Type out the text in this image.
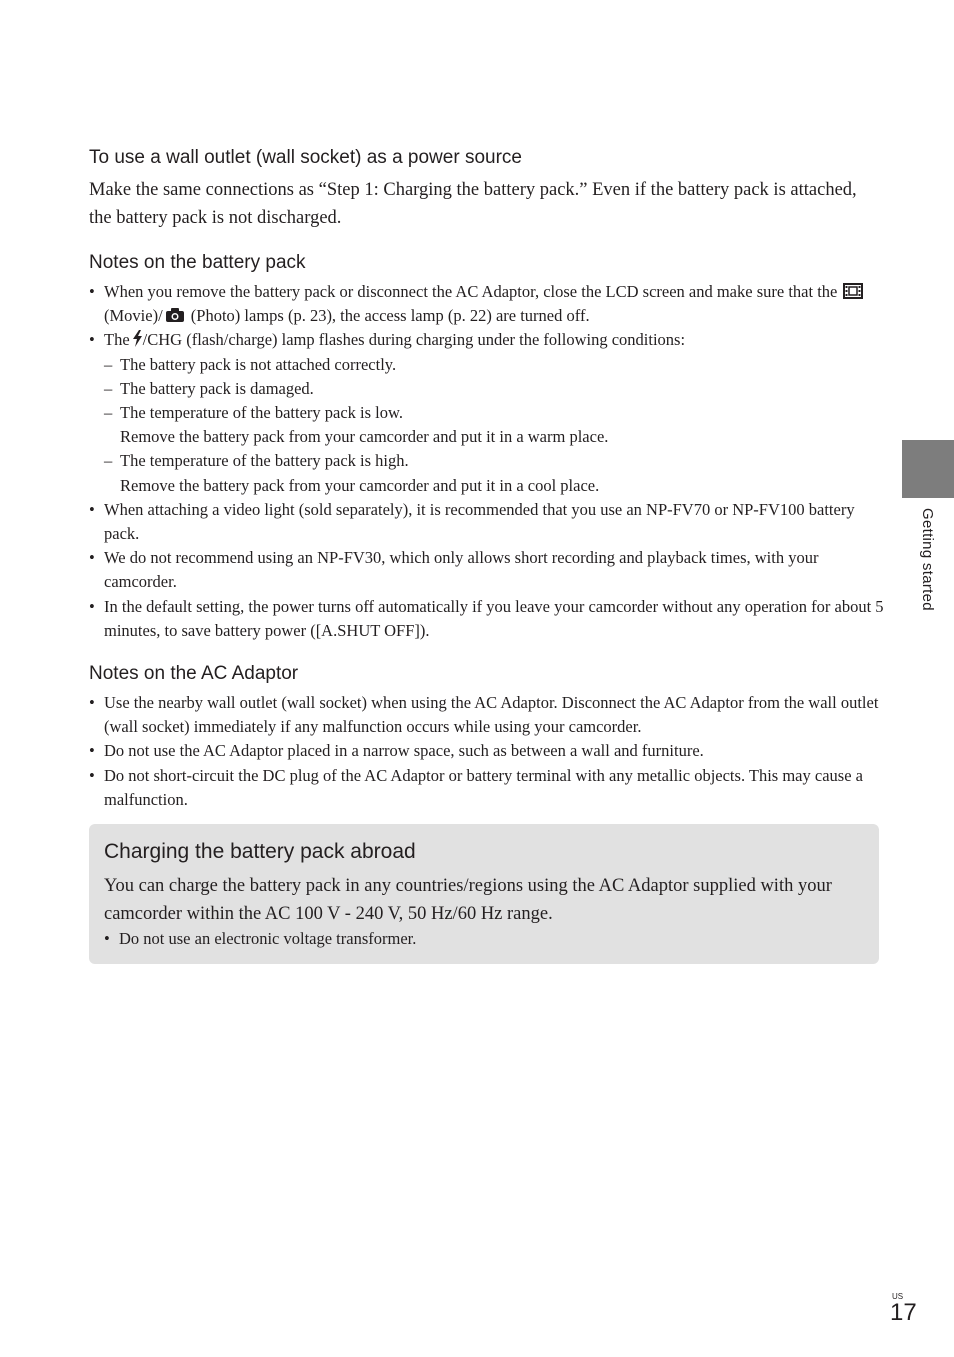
To use a wall outlet (wall socket) as a power source

Make the same connections as “Step 1: Charging the battery pack.” Even if the battery pack is attached, the battery pack is not discharged.

Notes on the battery pack
• When you remove the battery pack or disconnect the AC Adaptor, close the LCD screen and make sure that the  (Movie)/ (Photo) lamps (p. 23), the access lamp (p. 22) are turned off.
• The /CHG (flash/charge) lamp flashes during charging under the following conditions:
– The battery pack is not attached correctly.
– The battery pack is damaged.
– The temperature of the battery pack is low.
Remove the battery pack from your camcorder and put it in a warm place.
– The temperature of the battery pack is high.
Remove the battery pack from your camcorder and put it in a cool place.
• When attaching a video light (sold separately), it is recommended that you use an NP-FV70 or NP-FV100 battery pack.
• We do not recommend using an NP-FV30, which only allows short recording and playback times, with your camcorder.
• In the default setting, the power turns off automatically if you leave your camcorder without any operation for about 5 minutes, to save battery power ([A.SHUT OFF]).
Notes on the AC Adaptor
• Use the nearby wall outlet (wall socket) when using the AC Adaptor. Disconnect the AC Adaptor from the wall outlet (wall socket) immediately if any malfunction occurs while using your camcorder.
• Do not use the AC Adaptor placed in a narrow space, such as between a wall and furniture.
• Do not short-circuit the DC plug of the AC Adaptor or battery terminal with any metallic objects. This may cause a malfunction.
Charging the battery pack abroad

You can charge the battery pack in any countries/regions using the AC Adaptor supplied with your camcorder within the AC 100 V - 240 V, 50 Hz/60 Hz range.

• Do not use an electronic voltage transformer.

Getting started
US
17
